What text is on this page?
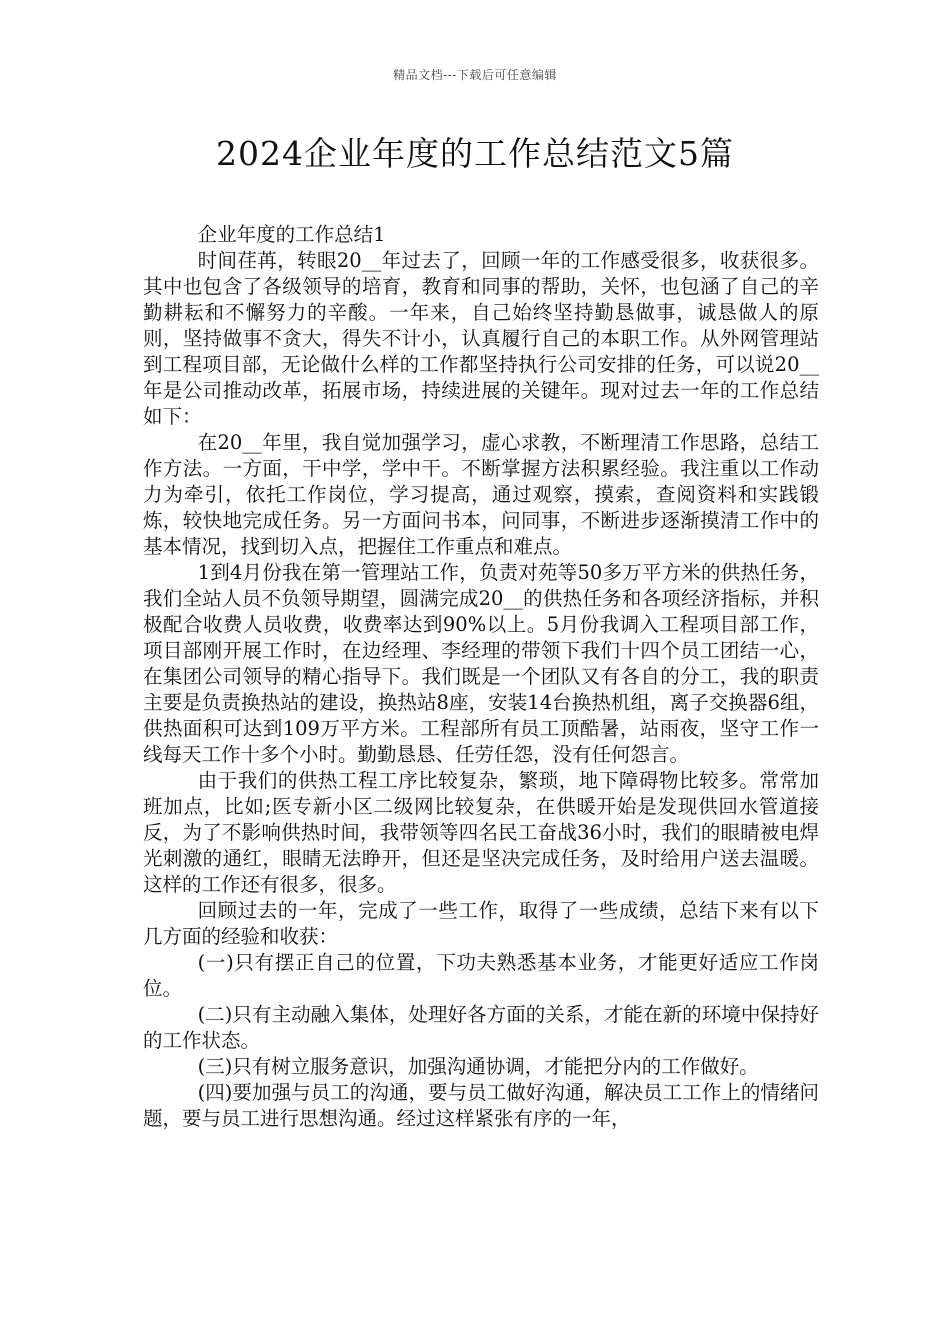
精品文档---下载后可任意编辑
2024企业年度的工作总结范文5篇

企业年度的工作总结1

时间荏苒，转眼20__年过去了，回顾一年的工作感受很多，收获很多。其中也包含了各级领导的培育，教育和同事的帮助，关怀，也包涵了自己的辛勤耕耘和不懈努力的辛酸。一年来，自己始终坚持勤恳做事，诚恳做人的原则，坚持做事不贪大，得失不计小，认真履行自己的本职工作。从外网管理站到工程项目部，无论做什么样的工作都坚持执行公司安排的任务，可以说20__年是公司推动改革，拓展市场，持续进展的关键年。现对过去一年的工作总结如下：

在20__年里，我自觉加强学习，虚心求教，不断理清工作思路，总结工作方法。一方面，干中学，学中干。不断掌握方法积累经验。我注重以工作动力为牵引，依托工作岗位，学习提高，通过观察，摸索，查阅资料和实践锻炼，较快地完成任务。另一方面问书本，问同事，不断进步逐渐摸清工作中的基本情况，找到切入点，把握住工作重点和难点。

1到4月份我在第一管理站工作，负责对苑等50多万平方米的供热任务，我们全站人员不负领导期望，圆满完成20__的供热任务和各项经济指标，并积极配合收费人员收费，收费率达到90%以上。5月份我调入工程项目部工作，项目部刚开展工作时，在边经理、李经理的带领下我们十四个员工团结一心，在集团公司领导的精心指导下。我们既是一个团队又有各自的分工，我的职责主要是负责换热站的建设，换热站8座，安装14台换热机组，离子交换器6组，供热面积可达到109万平方米。工程部所有员工顶酷暑，站雨夜，坚守工作一线每天工作十多个小时。勤勤恳恳、任劳任怨，没有任何怨言。

由于我们的供热工程工序比较复杂，繁琐，地下障碍物比较多。常常加班加点，比如;医专新小区二级网比较复杂，在供暖开始是发现供回水管道接反，为了不影响供热时间，我带领等四名民工奋战36小时，我们的眼睛被电焊光刺激的通红，眼睛无法睁开，但还是坚决完成任务，及时给用户送去温暖。这样的工作还有很多，很多。

回顾过去的一年，完成了一些工作，取得了一些成绩，总结下来有以下几方面的经验和收获：

(一)只有摆正自己的位置，下功夫熟悉基本业务，才能更好适应工作岗位。

(二)只有主动融入集体，处理好各方面的关系，才能在新的环境中保持好的工作状态。

(三)只有树立服务意识，加强沟通协调，才能把分内的工作做好。

(四)要加强与员工的沟通，要与员工做好沟通，解决员工工作上的情绪问题，要与员工进行思想沟通。经过这样紧张有序的一年，
